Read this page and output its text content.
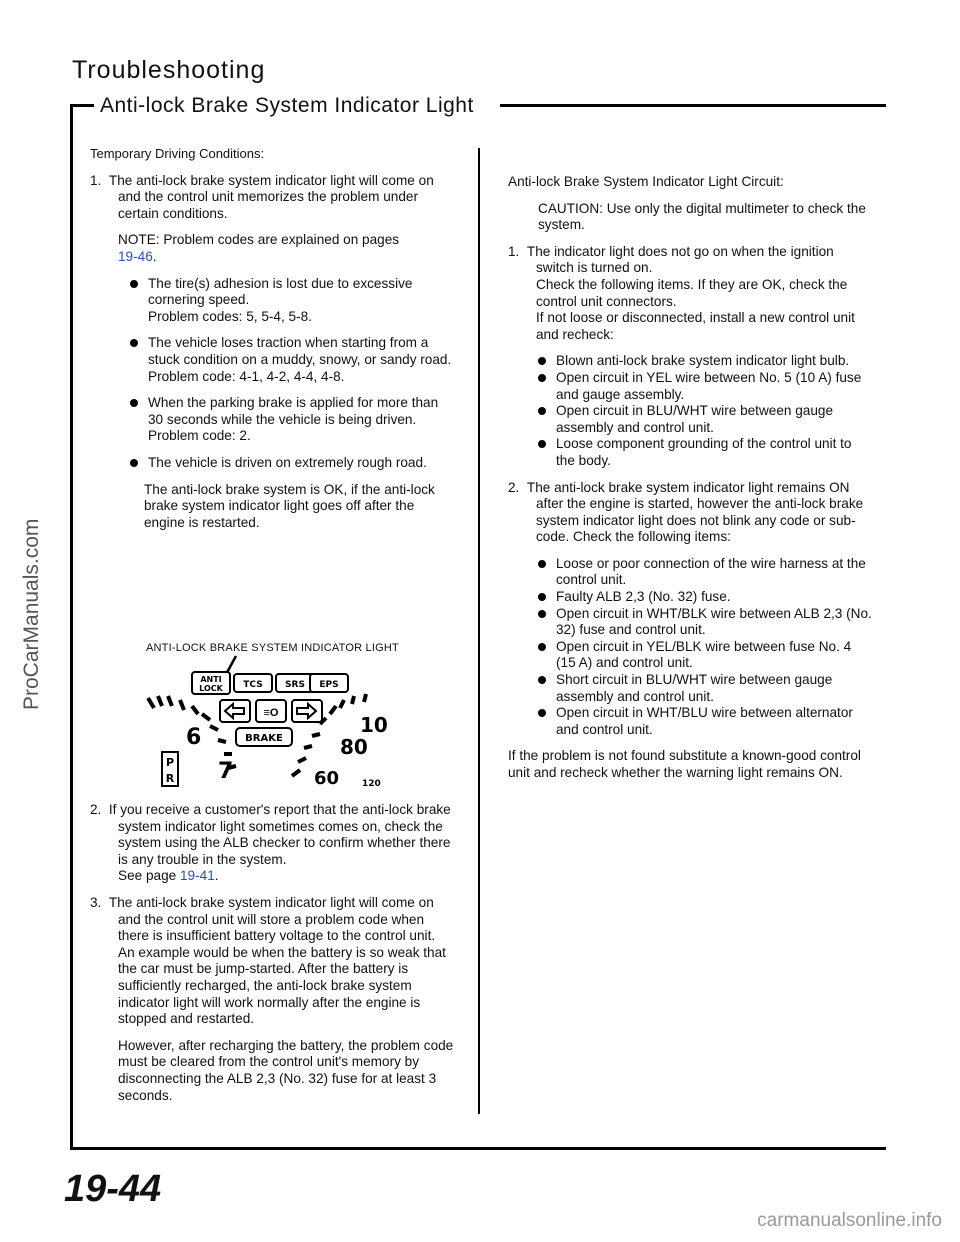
Troubleshooting
Anti-lock Brake System Indicator Light
ProCarManuals.com

Temporary Driving Conditions:

1.  The anti-lock brake system indicator light will come on and the control unit memorizes the problem under certain conditions.

NOTE: Problem codes are explained on pages
19-46.

The tire(s) adhesion is lost due to excessive cornering speed.

Problem codes: 5, 5-4, 5-8.

The vehicle loses traction when starting from a stuck condition on a muddy, snowy, or sandy road.

Problem code: 4-1, 4-2, 4-4, 4-8.

When the parking brake is applied for more than 30 seconds while the vehicle is being driven.

Problem code: 2.

The vehicle is driven on extremely rough road.

The anti-lock brake system is OK, if the anti-lock brake system indicator light goes off after the engine is restarted.

ANTI-LOCK BRAKE SYSTEM INDICATOR LIGHT
ANTI
LOCK TCS SRS EPS
≡O
BRAKE
6
7
10
80
60	120
P
R

2.  If you receive a customer's report that the anti-lock brake system indicator light sometimes comes on, check the system using the ALB checker to confirm whether there is any trouble in the system.

See page 19-41.

3.  The anti-lock brake system indicator light will come on and the control unit will store a problem code when there is insufficient battery voltage to the control unit. An example would be when the battery is so weak that the car must be jump-started. After the battery is sufficiently recharged, the anti-lock brake system indicator light will work normally after the engine is stopped and restarted.

However, after recharging the battery, the problem code must be cleared from the control unit's memory by disconnecting the ALB 2,3 (No. 32) fuse for at least 3 seconds.

Anti-lock Brake System Indicator Light Circuit:

CAUTION: Use only the digital multimeter to check the system.

1.  The indicator light does not go on when the ignition switch is turned on.

Check the following items. If they are OK, check the control unit connectors.

If not loose or disconnected, install a new control unit and recheck:

Blown anti-lock brake system indicator light bulb.

Open circuit in YEL wire between No. 5 (10 A) fuse and gauge assembly.

Open circuit in BLU/WHT wire between gauge assembly and control unit.

Loose component grounding of the control unit to the body.

2.  The anti-lock brake system indicator light remains ON after the engine is started, however the anti-lock brake system indicator light does not blink any code or sub-code. Check the following items:

Loose or poor connection of the wire harness at the control unit.

Faulty ALB 2,3 (No. 32) fuse.

Open circuit in WHT/BLK wire between ALB 2,3 (No. 32) fuse and control unit.

Open circuit in YEL/BLK wire between fuse No. 4 (15 A) and control unit.

Short circuit in BLU/WHT wire between gauge assembly and control unit.

Open circuit in WHT/BLU wire between alternator and control unit.

If the problem is not found substitute a known-good control unit and recheck whether the warning light remains ON.

19-44
carmanualsonline.info
